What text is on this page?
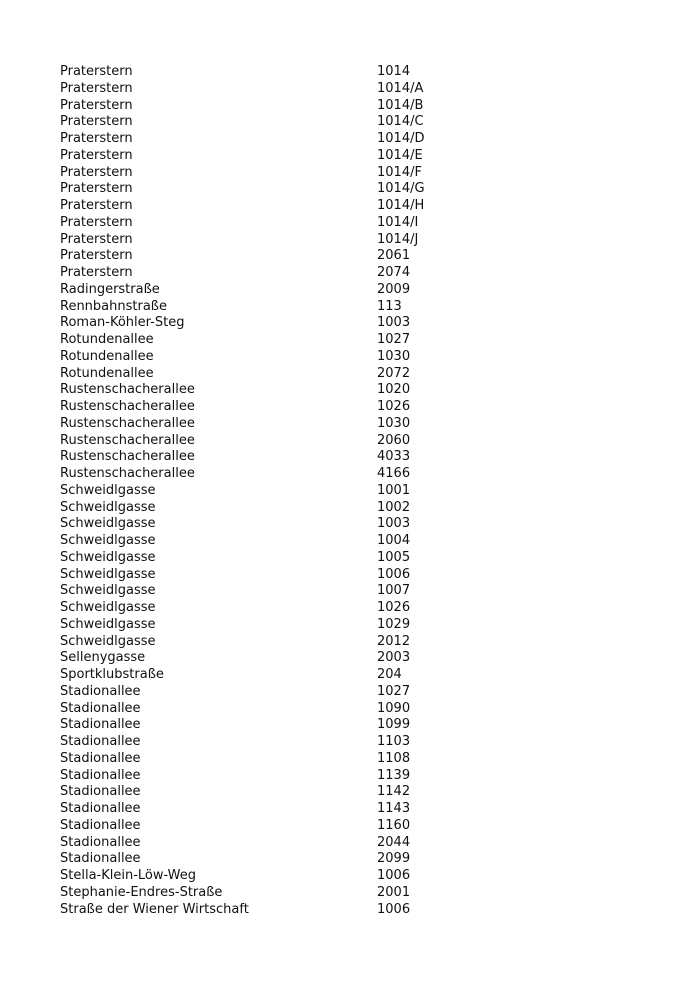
Praterstern	1014
Praterstern	1014/A
Praterstern	1014/B
Praterstern	1014/C
Praterstern	1014/D
Praterstern	1014/E
Praterstern	1014/F
Praterstern	1014/G
Praterstern	1014/H
Praterstern	1014/I
Praterstern	1014/J
Praterstern	2061
Praterstern	2074
Radingerstraße	2009
Rennbahnstraße	113
Roman-Köhler-Steg	1003
Rotundenallee	1027
Rotundenallee	1030
Rotundenallee	2072
Rustenschacherallee	1020
Rustenschacherallee	1026
Rustenschacherallee	1030
Rustenschacherallee	2060
Rustenschacherallee	4033
Rustenschacherallee	4166
Schweidlgasse	1001
Schweidlgasse	1002
Schweidlgasse	1003
Schweidlgasse	1004
Schweidlgasse	1005
Schweidlgasse	1006
Schweidlgasse	1007
Schweidlgasse	1026
Schweidlgasse	1029
Schweidlgasse	2012
Sellenygasse	2003
Sportklubstraße	204
Stadionallee	1027
Stadionallee	1090
Stadionallee	1099
Stadionallee	1103
Stadionallee	1108
Stadionallee	1139
Stadionallee	1142
Stadionallee	1143
Stadionallee	1160
Stadionallee	2044
Stadionallee	2099
Stella-Klein-Löw-Weg	1006
Stephanie-Endres-Straße	2001
Straße der Wiener Wirtschaft	1006
